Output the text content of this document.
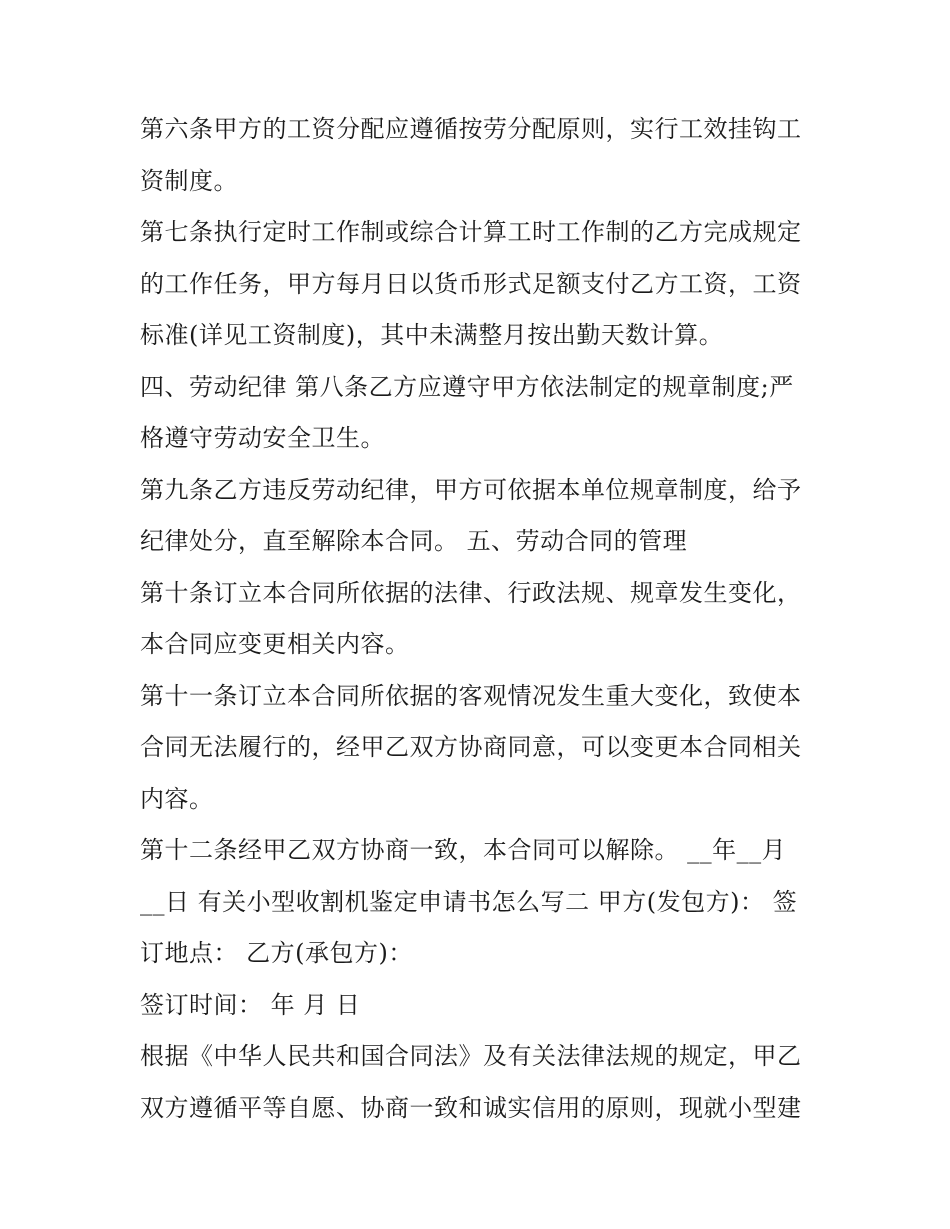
第六条甲方的工资分配应遵循按劳分配原则，实行工效挂钩工
资制度。
第七条执行定时工作制或综合计算工时工作制的乙方完成规定
的工作任务，甲方每月日以货币形式足额支付乙方工资，工资
标准(详见工资制度)，其中未满整月按出勤天数计算。
四、劳动纪律 第八条乙方应遵守甲方依法制定的规章制度;严
格遵守劳动安全卫生。
第九条乙方违反劳动纪律，甲方可依据本单位规章制度，给予
纪律处分，直至解除本合同。 五、劳动合同的管理
第十条订立本合同所依据的法律、行政法规、规章发生变化，
本合同应变更相关内容。
第十一条订立本合同所依据的客观情况发生重大变化，致使本
合同无法履行的，经甲乙双方协商同意，可以变更本合同相关
内容。
第十二条经甲乙双方协商一致，本合同可以解除。 __年__月
__日 有关小型收割机鉴定申请书怎么写二 甲方(发包方)： 签
订地点： 乙方(承包方)：
签订时间： 年 月 日
根据《中华人民共和国合同法》及有关法律法规的规定，甲乙
双方遵循平等自愿、协商一致和诚实信用的原则，现就小型建
